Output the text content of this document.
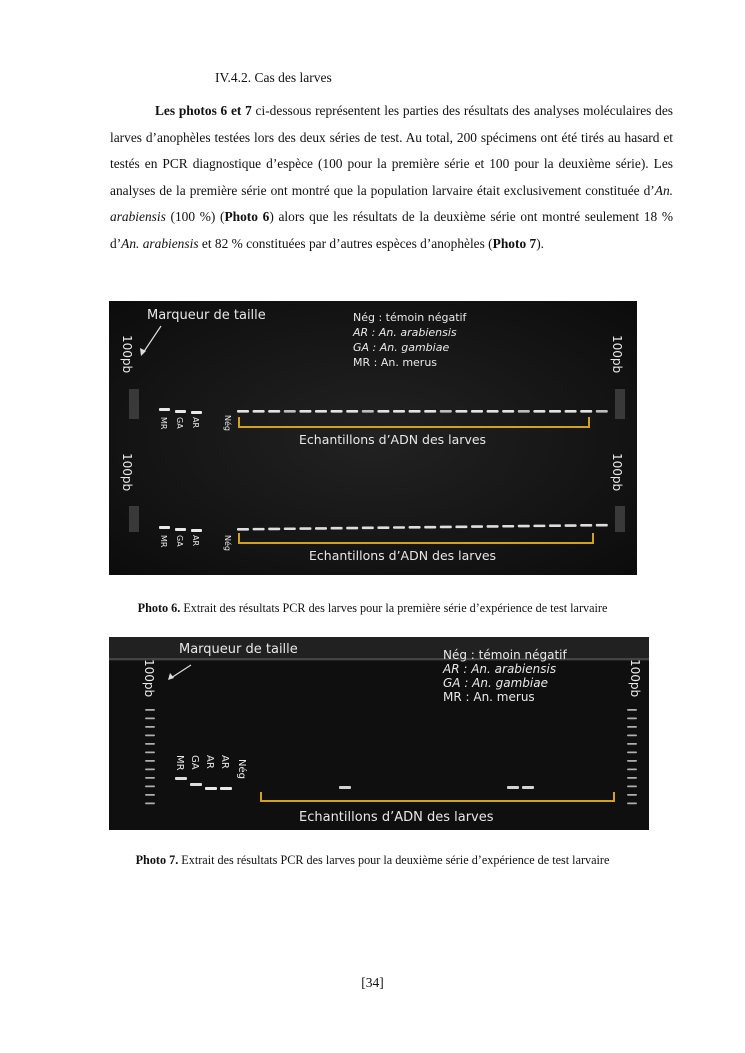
IV.4.2. Cas des larves

Les photos 6 et 7 ci-dessous représentent les parties des résultats des analyses moléculaires des larves d’anophèles testées lors des deux séries de test. Au total, 200 spécimens ont été tirés au hasard et testés en PCR diagnostique d’espèce (100 pour la première série et 100 pour la deuxième série). Les analyses de la première série ont montré que la population larvaire était exclusivement constituée d’An. arabiensis (100 %) (Photo 6) alors que les résultats de la deuxième série ont montré seulement 18 % d’An. arabiensis et 82 % constituées par d’autres espèces d’anophèles (Photo 7).

Marqueur de taille
100pb	100pb
100pb	100pb
Nég : témoin négatif
AR : An. arabiensis
GA : An. gambiae
MR : An. merus
MR GA AR	Nég
MR GA AR	Nég
Echantillons d’ADN des larves
Echantillons d’ADN des larves
Photo 6. Extrait des résultats PCR des larves pour la première série d’expérience de test larvaire
Marqueur de taille
100pb	100pb
Nég : témoin négatif
AR : An. arabiensis
GA : An. gambiae
MR : An. merus
MR GA AR AR Nég
Echantillons d’ADN des larves
Photo 7. Extrait des résultats PCR des larves pour la deuxième série d’expérience de test larvaire
[34]
